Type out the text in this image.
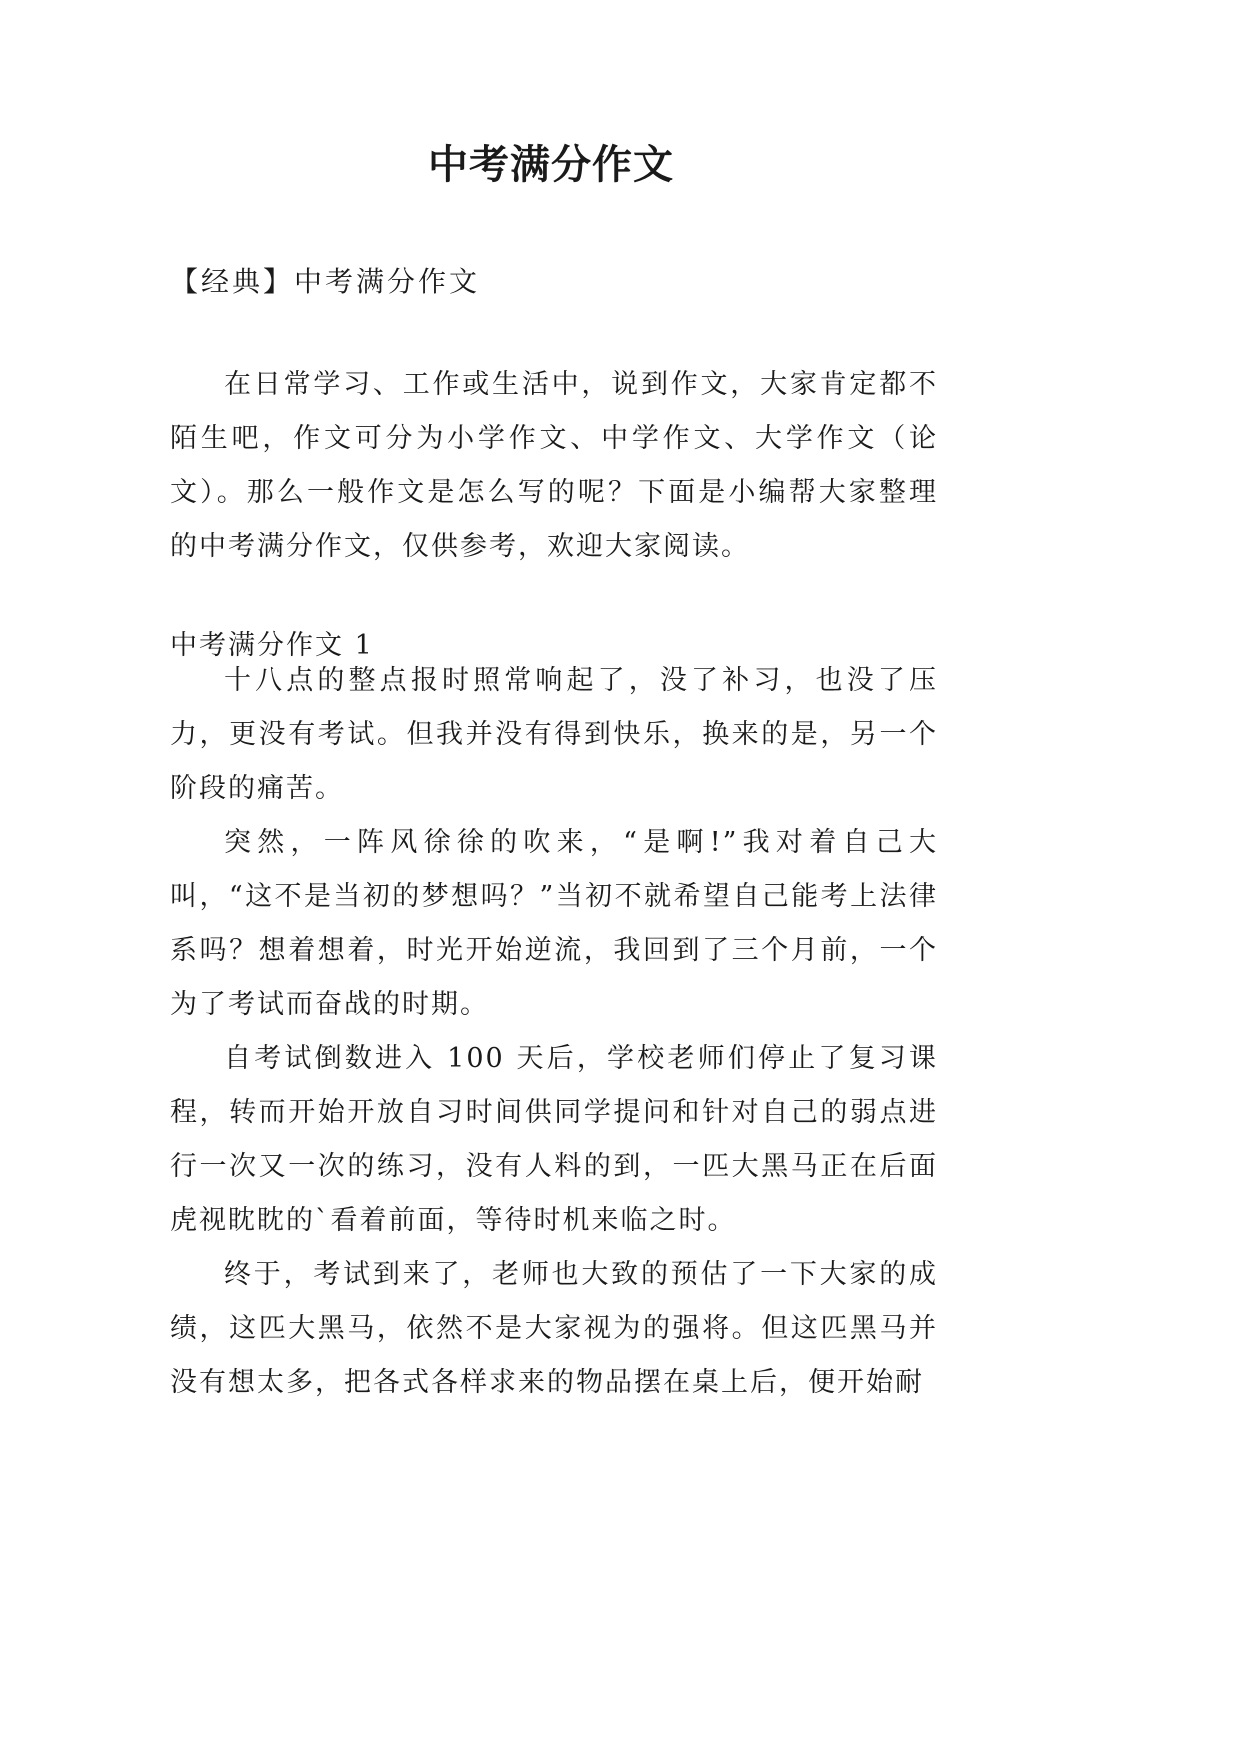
中考满分作文
【经典】中考满分作文

在日常学习、工作或生活中，说到作文，大家肯定都不陌生吧，作文可分为小学作文、中学作文、大学作文（论文）。那么一般作文是怎么写的呢？下面是小编帮大家整理的中考满分作文，仅供参考，欢迎大家阅读。

中考满分作文 1

十八点的整点报时照常响起了，没了补习，也没了压力，更没有考试。但我并没有得到快乐，换来的是，另一个阶段的痛苦。

突然，一阵风徐徐的吹来，“是啊!”我对着自己大叫，“这不是当初的梦想吗？”当初不就希望自己能考上法律系吗？想着想着，时光开始逆流，我回到了三个月前，一个为了考试而奋战的时期。

自考试倒数进入 100 天后，学校老师们停止了复习课程，转而开始开放自习时间供同学提问和针对自己的弱点进行一次又一次的练习，没有人料的到，一匹大黑马正在后面虎视眈眈的`看着前面，等待时机来临之时。

终于，考试到来了，老师也大致的预估了一下大家的成绩，这匹大黑马，依然不是大家视为的强将。但这匹黑马并没有想太多，把各式各样求来的物品摆在桌上后，便开始耐
